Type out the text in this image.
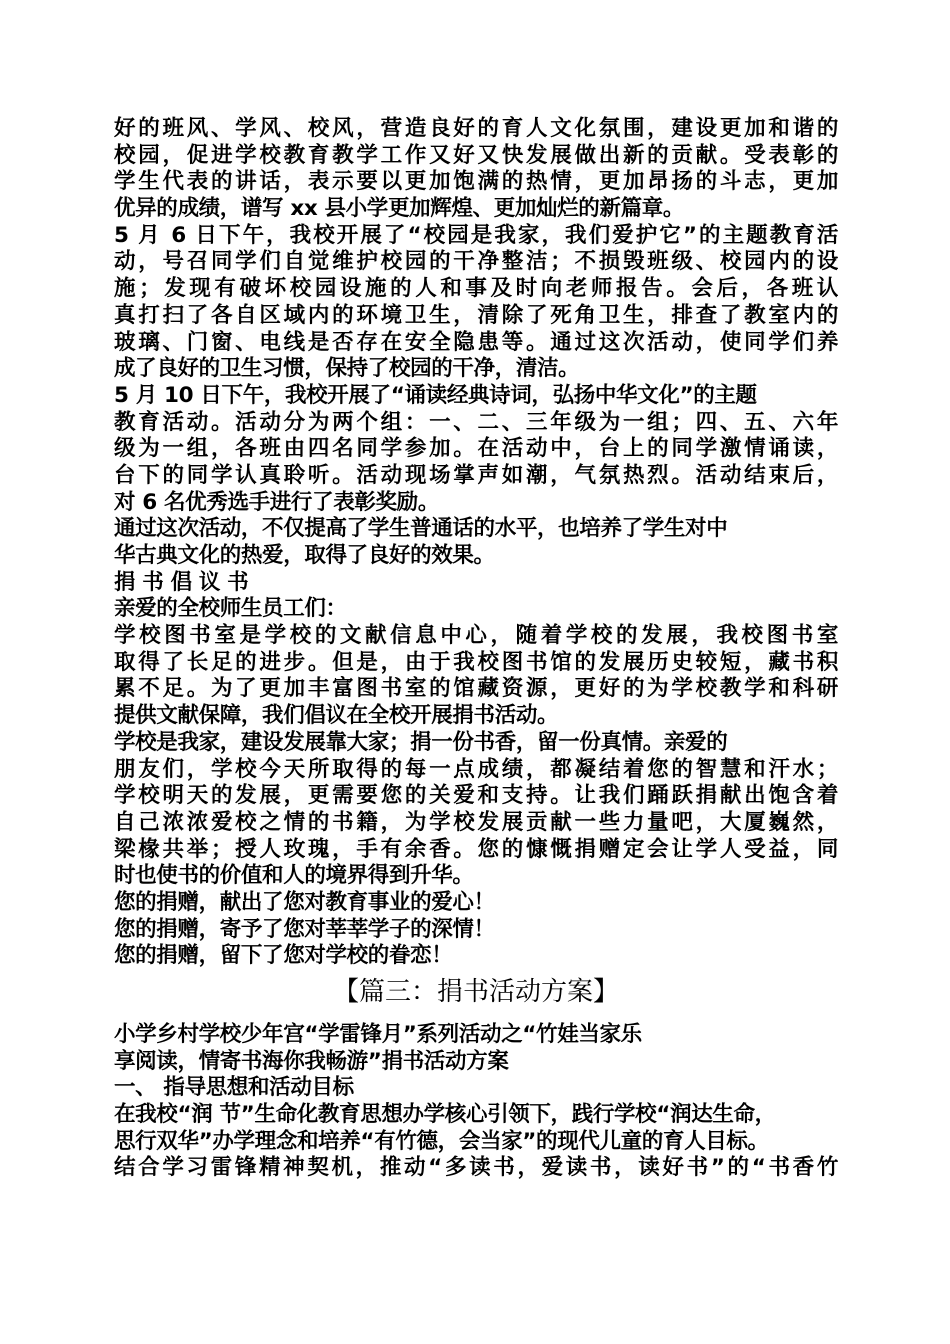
好的班风、学风、校风，营造良好的育人文化氛围，建设更加和谐的
校园，促进学校教育教学工作又好又快发展做出新的贡献。受表彰的
学生代表的讲话，表示要以更加饱满的热情，更加昂扬的斗志，更加
优异的成绩，谱写 xx 县小学更加辉煌、更加灿烂的新篇章。
5 月 6 日下午，我校开展了“校园是我家，我们爱护它”的主题教育活
动，号召同学们自觉维护校园的干净整洁；不损毁班级、校园内的设
施；发现有破坏校园设施的人和事及时向老师报告。会后，各班认
真打扫了各自区域内的环境卫生，清除了死角卫生，排查了教室内的
玻璃、门窗、电线是否存在安全隐患等。通过这次活动，使同学们养
成了良好的卫生习惯，保持了校园的干净，清洁。
5 月 10 日下午，我校开展了“诵读经典诗词，弘扬中华文化”的主题
教育活动。活动分为两个组：一、二、三年级为一组；四、五、六年
级为一组，各班由四名同学参加。在活动中，台上的同学激情诵读，
台下的同学认真聆听。活动现场掌声如潮，气氛热烈。活动结束后，
对 6 名优秀选手进行了表彰奖励。
通过这次活动，不仅提高了学生普通话的水平，也培养了学生对中
华古典文化的热爱，取得了良好的效果。
捐 书 倡 议 书
亲爱的全校师生员工们：
学校图书室是学校的文献信息中心，随着学校的发展，我校图书室
取得了长足的进步。但是，由于我校图书馆的发展历史较短，藏书积
累不足。为了更加丰富图书室的馆藏资源，更好的为学校教学和科研
提供文献保障，我们倡议在全校开展捐书活动。
学校是我家，建设发展靠大家；捐一份书香，留一份真情。亲爱的
朋友们，学校今天所取得的每一点成绩，都凝结着您的智慧和汗水；
学校明天的发展，更需要您的关爱和支持。让我们踊跃捐献出饱含着
自己浓浓爱校之情的书籍，为学校发展贡献一些力量吧，大厦巍然，
梁椽共举；授人玫瑰，手有余香。您的慷慨捐赠定会让学人受益，同
时也使书的价值和人的境界得到升华。
您的捐赠，献出了您对教育事业的爱心！
您的捐赠，寄予了您对莘莘学子的深情！
您的捐赠，留下了您对学校的眷恋！
【篇三：捐书活动方案】
小学乡村学校少年宫“学雷锋月”系列活动之“竹娃当家乐
享阅读，情寄书海你我畅游”捐书活动方案
一、 指导思想和活动目标
在我校“润 节”生命化教育思想办学核心引领下，践行学校“润达生命，
思行双华”办学理念和培养“有竹德，会当家”的现代儿童的育人目标。
结合学习雷锋精神契机，推动“多读书，爱读书，读好书”的“书香竹
